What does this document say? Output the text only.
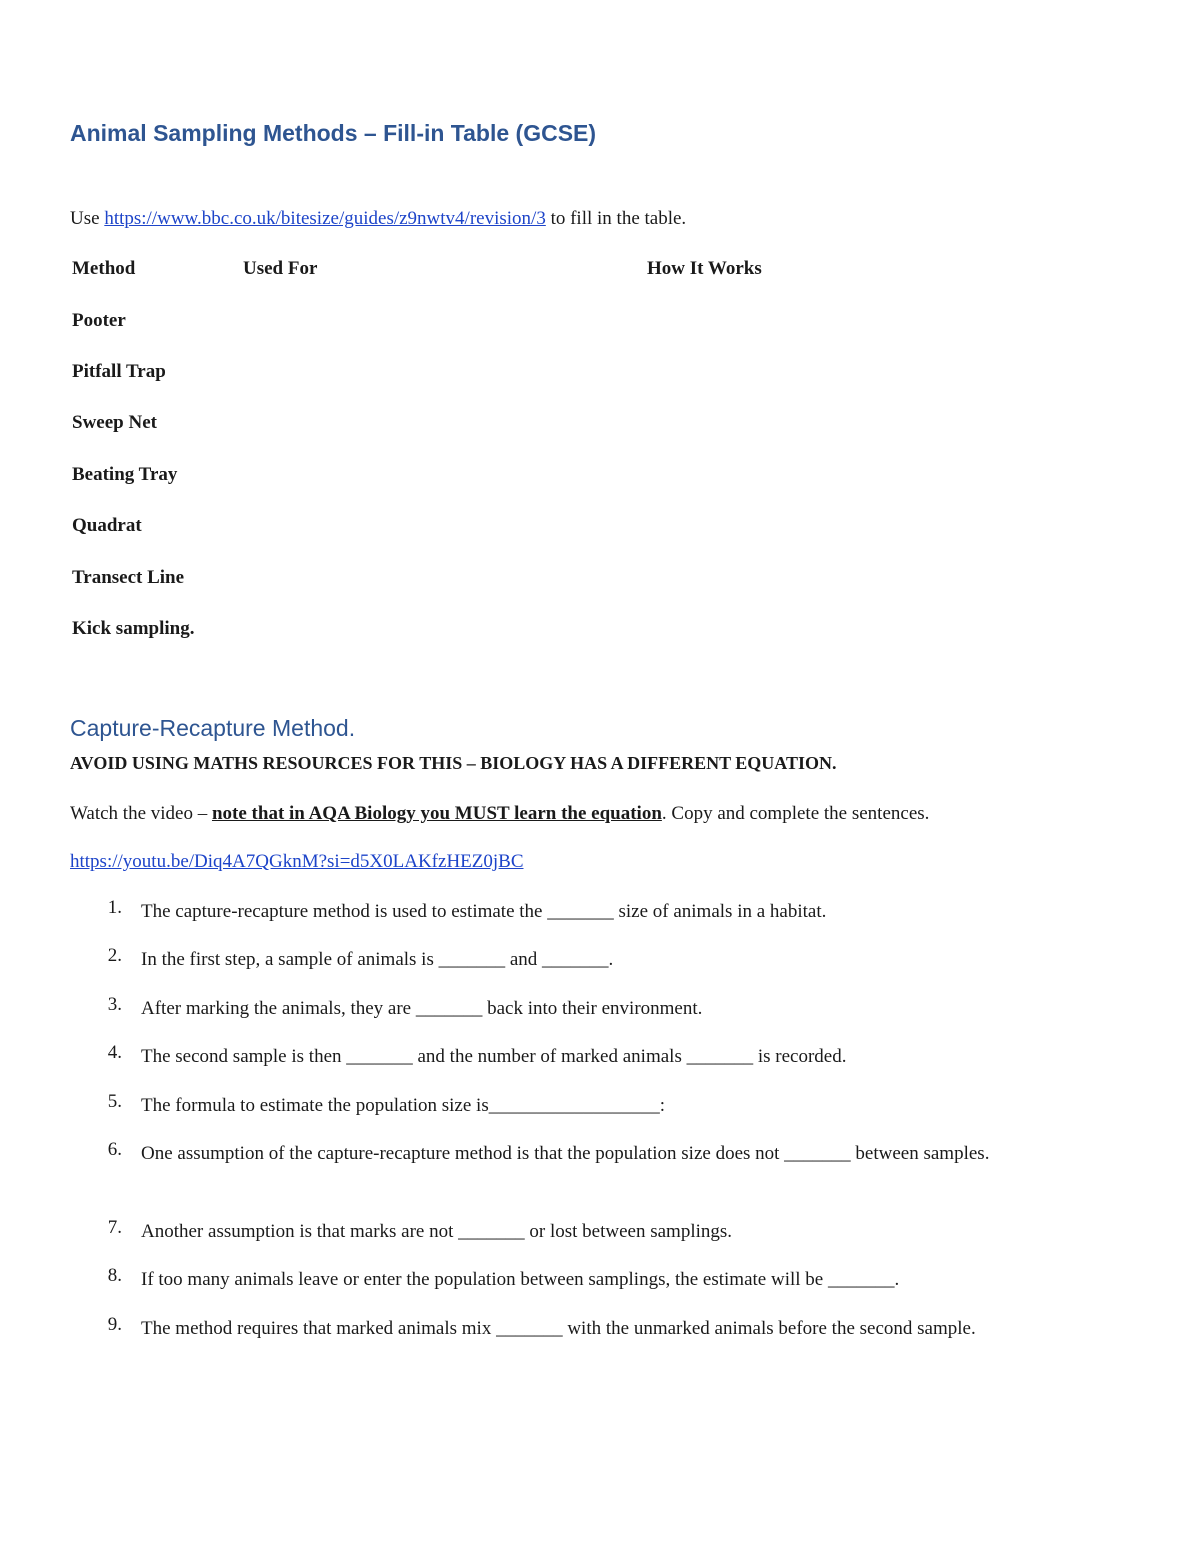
Animal Sampling Methods – Fill-in Table (GCSE)

Use https://www.bbc.co.uk/bitesize/guides/z9nwtv4/revision/3 to fill in the table.

Method	Used For	How It Works
Pooter
Pitfall Trap
Sweep Net
Beating Tray
Quadrat
Transect Line
Kick sampling.
Capture-Recapture Method.
AVOID USING MATHS RESOURCES FOR THIS – BIOLOGY HAS A DIFFERENT EQUATION.

Watch the video – note that in AQA Biology you MUST learn the equation. Copy and complete the sentences.

https://youtu.be/Diq4A7QGknM?si=d5X0LAKfzHEZ0jBC

1. The capture-recapture method is used to estimate the _______ size of animals in a habitat.
2. In the first step, a sample of animals is _______ and _______.
3. After marking the animals, they are _______ back into their environment.
4. The second sample is then _______ and the number of marked animals _______ is recorded.
5. The formula to estimate the population size is__________________:
6. One assumption of the capture-recapture method is that the population size does not _______ between samples.
7. Another assumption is that marks are not _______ or lost between samplings.
8. If too many animals leave or enter the population between samplings, the estimate will be _______.
9. The method requires that marked animals mix _______ with the unmarked animals before the second sample.
